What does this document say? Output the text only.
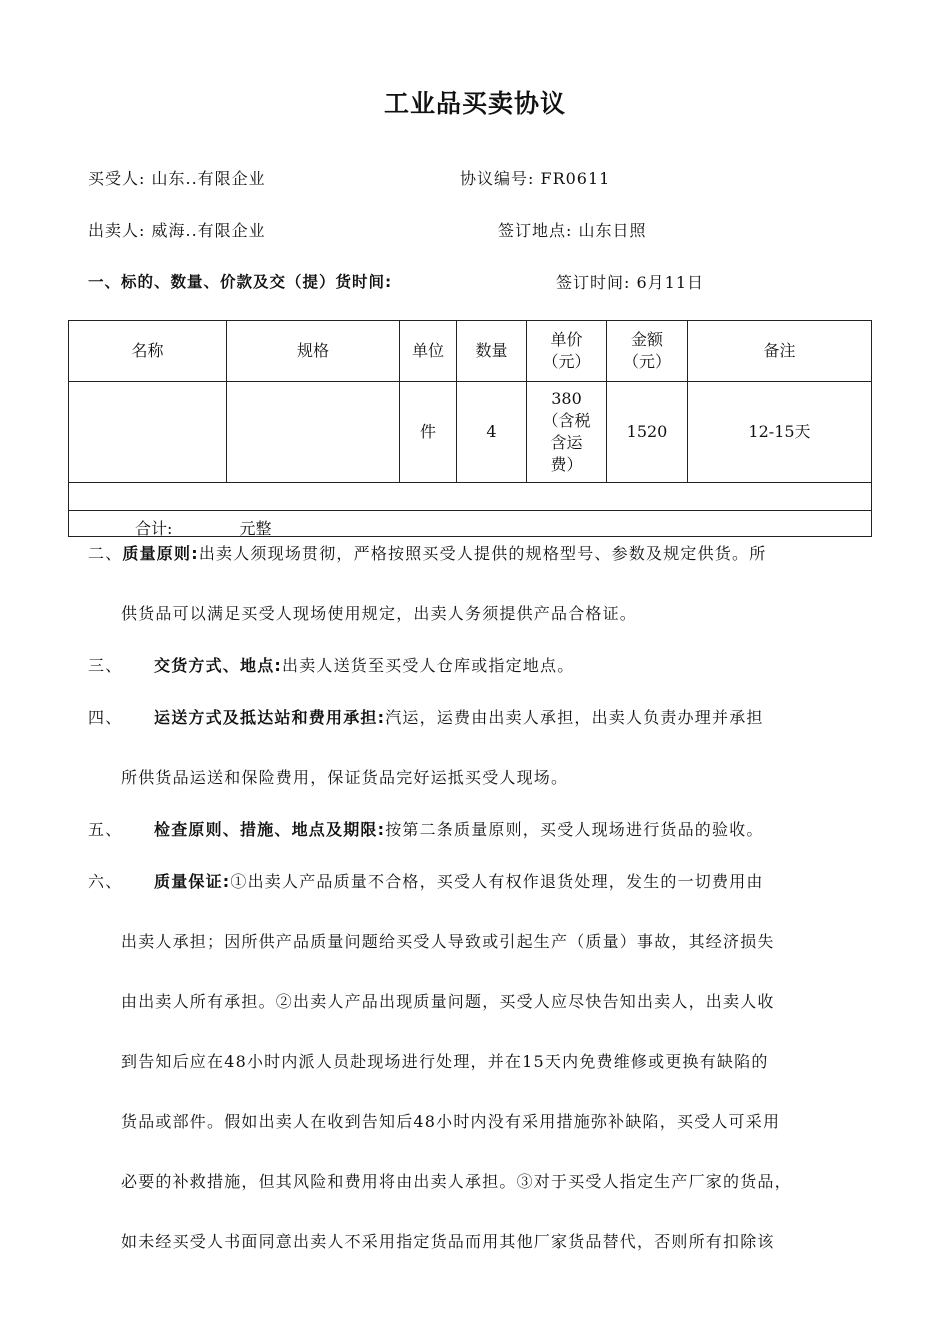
工业品买卖协议
买受人: 山东..有限企业	协议编号: FR0611
出卖人: 威海..有限企业	签订地点: 山东日照
一、标的、数量、价款及交（提）货时间:	签订时间: 6月11日
名称	规格	单位	数量	单价（元）	金额（元）	备注
		件	4	380（含税含运费）	1520	12-15天

合计: 元整						
二、质量原则:出卖人须现场贯彻，严格按照买受人提供的规格型号、参数及规定供货。所
供货品可以满足买受人现场使用规定，出卖人务须提供产品合格证。
三、 交货方式、地点:出卖人送货至买受人仓库或指定地点。
四、 运送方式及抵达站和费用承担:汽运，运费由出卖人承担，出卖人负责办理并承担
所供货品运送和保险费用，保证货品完好运抵买受人现场。
五、 检查原则、措施、地点及期限:按第二条质量原则，买受人现场进行货品的验收。
六、 质量保证:①出卖人产品质量不合格，买受人有权作退货处理，发生的一切费用由
出卖人承担；因所供产品质量问题给买受人导致或引起生产（质量）事故，其经济损失
由出卖人所有承担。②出卖人产品出现质量问题，买受人应尽快告知出卖人，出卖人收
到告知后应在48小时内派人员赴现场进行处理，并在15天内免费维修或更换有缺陷的
货品或部件。假如出卖人在收到告知后48小时内没有采用措施弥补缺陷，买受人可采用
必要的补救措施，但其风险和费用将由出卖人承担。③对于买受人指定生产厂家的货品，
如未经买受人书面同意出卖人不采用指定货品而用其他厂家货品替代，否则所有扣除该
